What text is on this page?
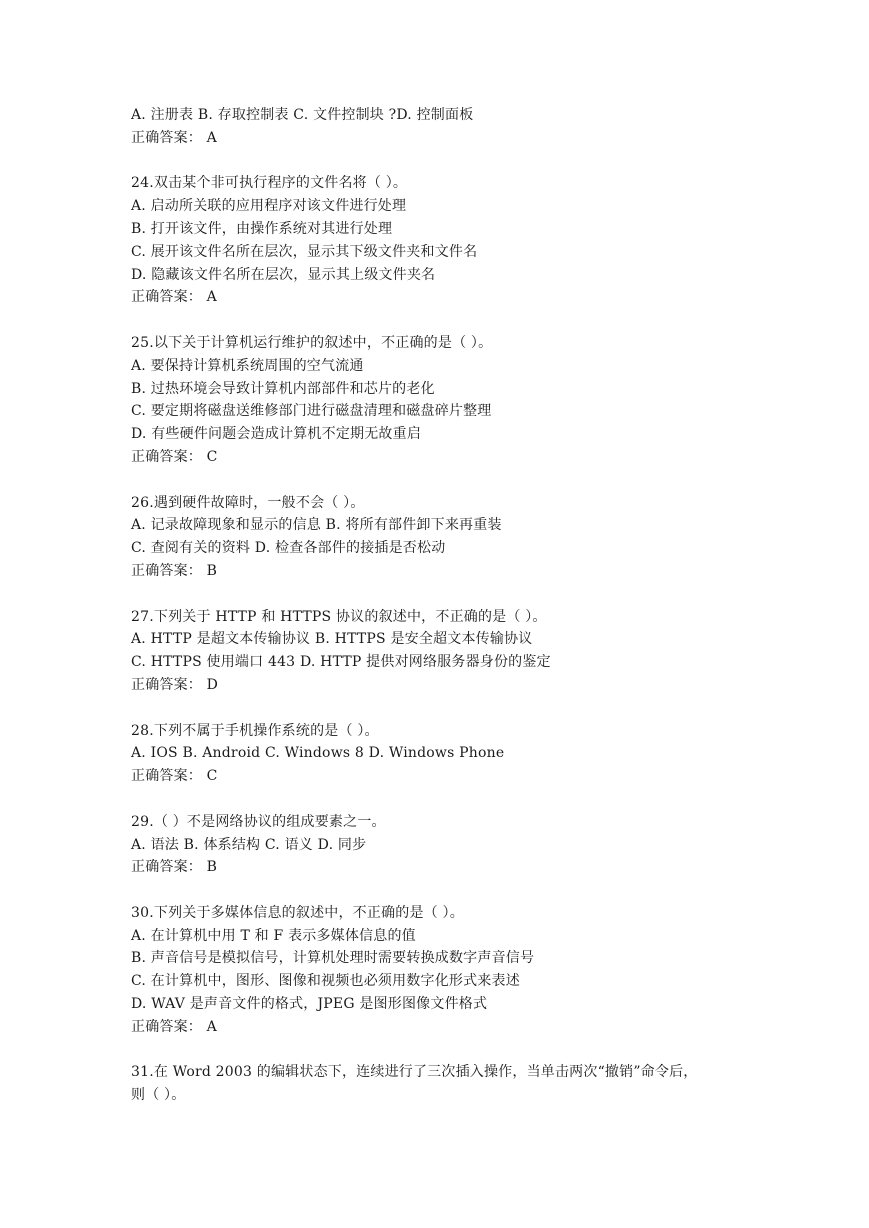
A. 注册表 B. 存取控制表 C. 文件控制块 ?D. 控制面板
正确答案： A
24.双击某个非可执行程序的文件名将（ ）。
A. 启动所关联的应用程序对该文件进行处理
B. 打开该文件，由操作系统对其进行处理
C. 展开该文件名所在层次，显示其下级文件夹和文件名
D. 隐藏该文件名所在层次，显示其上级文件夹名
正确答案： A
25.以下关于计算机运行维护的叙述中，不正确的是（ ）。
A. 要保持计算机系统周围的空气流通
B. 过热环境会导致计算机内部部件和芯片的老化
C. 要定期将磁盘送维修部门进行磁盘清理和磁盘碎片整理
D. 有些硬件问题会造成计算机不定期无故重启
正确答案： C
26.遇到硬件故障时，一般不会（ ）。
A. 记录故障现象和显示的信息 B. 将所有部件卸下来再重装
C. 查阅有关的资料 D. 检查各部件的接插是否松动
正确答案： B
27.下列关于 HTTP 和 HTTPS 协议的叙述中，不正确的是（ ）。
A. HTTP 是超文本传输协议 B. HTTPS 是安全超文本传输协议
C. HTTPS 使用端口 443 D. HTTP 提供对网络服务器身份的鉴定
正确答案： D
28.下列不属于手机操作系统的是（ ）。
A. IOS B. Android C. Windows 8 D. Windows Phone
正确答案： C
29.（ ）不是网络协议的组成要素之一。
A. 语法 B. 体系结构 C. 语义 D. 同步
正确答案： B
30.下列关于多媒体信息的叙述中，不正确的是（ ）。
A. 在计算机中用 T 和 F 表示多媒体信息的值
B. 声音信号是模拟信号，计算机处理时需要转换成数字声音信号
C. 在计算机中，图形、图像和视频也必须用数字化形式来表述
D. WAV 是声音文件的格式，JPEG 是图形图像文件格式
正确答案： A
31.在 Word 2003 的编辑状态下，连续进行了三次插入操作，当单击两次“撤销”命令后，
则（ ）。
